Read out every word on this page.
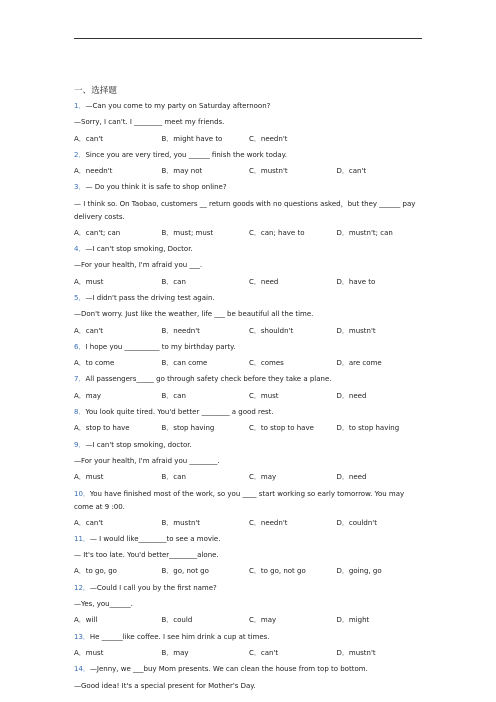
一、选择题
1．—Can you come to my party on Saturday afternoon?
—Sorry, I can't. I ________ meet my friends.
A．can't	B．might have to	C．needn't
2．Since you are very tired, you ______ finish the work today.
A．needn't	B．may not	C．mustn't	D．can't
3．— Do you think it is safe to shop online?
— I think so. On Taobao, customers __ return goods with no questions asked，but they ______ pay delivery costs.
A．can't; can	B．must; must	C．can; have to	D．mustn't; can
4．—I can't stop smoking, Doctor.
—For your health, I'm afraid you ___.
A．must	B．can	C．need	D．have to
5．—I didn't pass the driving test again.
—Don't worry. Just like the weather, life ___ be beautiful all the time.
A．can't	B．needn't	C．shouldn't	D．mustn't
6．I hope you __________ to my birthday party.
A．to come	B．can come	C．comes	D．are come
7．All passengers_____ go through safety check before they take a plane.
A．may	B．can	C．must	D．need
8．You look quite tired. You'd better ________ a good rest.
A．stop to have	B．stop having	C．to stop to have	D．to stop having
9．—I can't stop smoking, doctor.
—For your health, I'm afraid you ________.
A．must	B．can	C．may	D．need
10．You have finished most of the work, so you ____ start working so early tomorrow. You may come at 9 :00.
A．can't	B．mustn't	C．needn't	D．couldn't
11．— I would like________to see a movie.
— It's too late. You'd better________alone.
A．to go, go	B．go, not go	C．to go, not go	D．going, go
12．—Could I call you by the first name?
—Yes, you______.
A．will	B．could	C．may	D．might
13．He ______like coffee. I see him drink a cup at times.
A．must	B．may	C．can't	D．mustn't
14．—Jenny, we ___buy Mom presents. We can clean the house from top to bottom.
—Good idea! It's a special present for Mother's Day.
